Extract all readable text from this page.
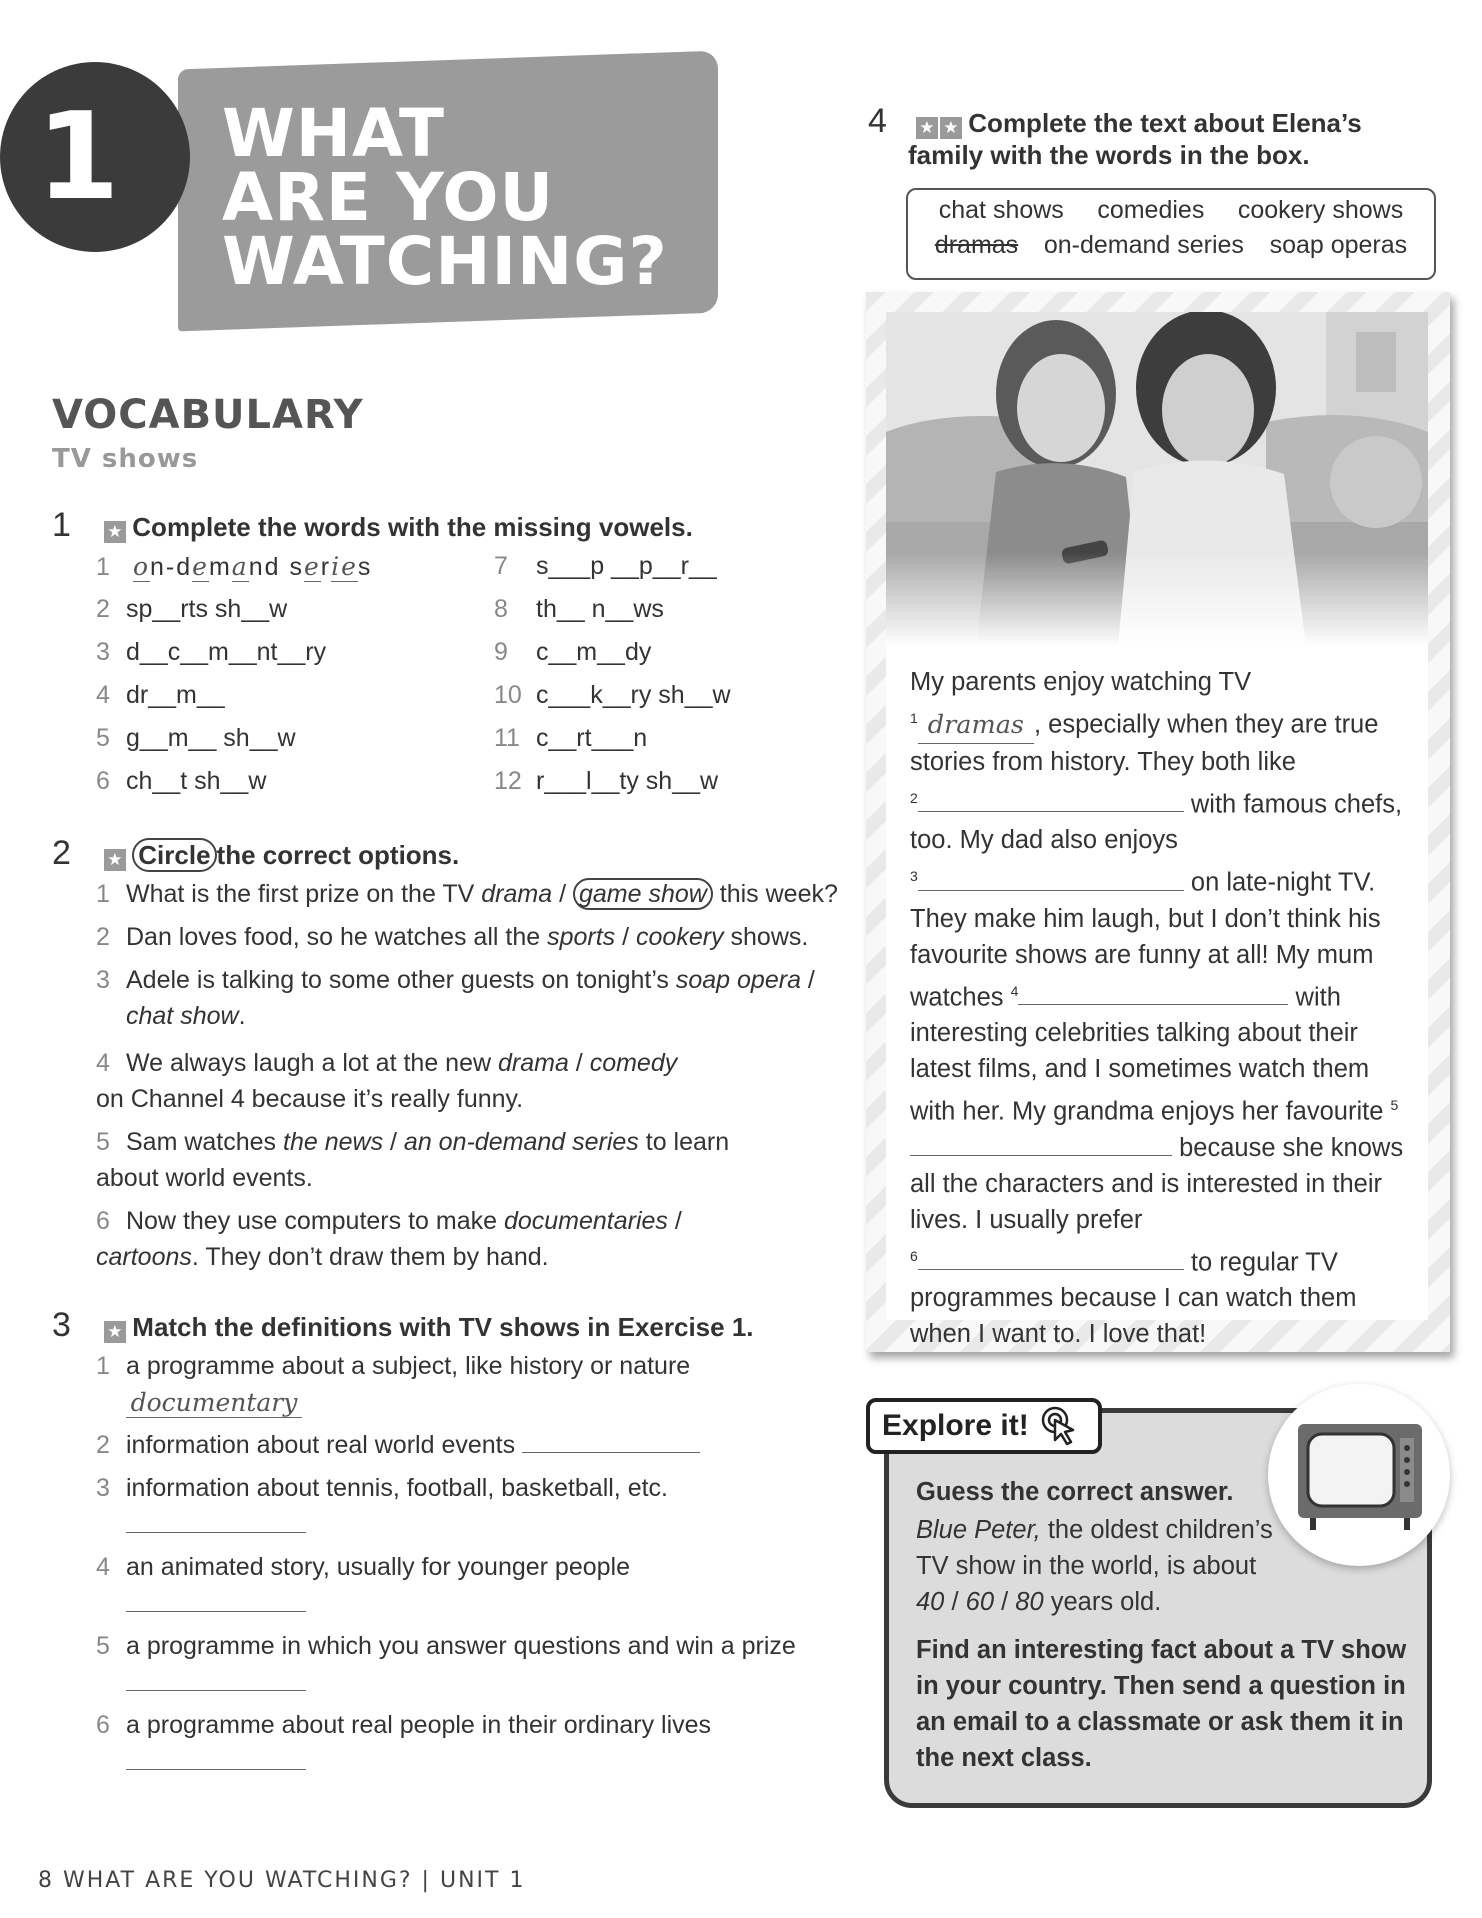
1 WHAT
ARE YOU
WATCHING?
VOCABULARY
TV shows
1 ★ Complete the words with the missing vowels.
1 on-demand series
2 sp__rts sh__w
3 d__c__m__nt__ry
4 dr__m__
5 g__m__ sh__w
6 ch__t sh__w
7 s___p __p__r__
8 th__ n__ws
9 c__m__dy
10 c___k__ry sh__w
11 c__rt___n
12 r___l__ty sh__w
2 ★ Circle the correct options.
1 What is the first prize on the TV drama / game show this week?
2 Dan loves food, so he watches all the sports / cookery shows.
3 Adele is talking to some other guests on tonight’s soap opera /
chat show.
4 We always laugh a lot at the new drama / comedy on Channel 4 because it’s really funny.
5 Sam watches the news / an on-demand series to learn about world events.
6 Now they use computers to make documentaries / cartoons. They don’t draw them by hand.
3 ★ Match the definitions with TV shows in Exercise 1.
1 a programme about a subject, like history or nature
documentary
2 information about real world events
3 information about tennis, football, basketball, etc.
4 an animated story, usually for younger people
5 a programme in which you answer questions and win a prize
6 a programme about real people in their ordinary lives
4 ★ ★ Complete the text about Elena’s
family with the words in the box.
chat shows comedies cookery shows
dramas on-demand series soap operas
My parents enjoy watching TV
$^1$ dramas , especially when they are true stories from history. They both like
$^2$	with famous chefs, too. My dad also enjoys
$^3$	on late-night TV. They make him laugh, but I don’t think his favourite shows are funny at all! My mum watches $^4$	with interesting celebrities talking about their latest films, and I sometimes watch them with her. My grandma enjoys her favourite $^5$ because she knows all the characters and is interested in their lives. I usually prefer
$^6$	to regular TV programmes because I can watch them when I want to. I love that!
Explore it!
Guess the correct answer.
Blue Peter, the oldest children’s TV show in the world, is about 40 / 60 / 80 years old.
Find an interesting fact about a TV show in your country. Then send a question in an email to a classmate or ask them it in the next class.
8 WHAT ARE YOU WATCHING? | UNIT 1
